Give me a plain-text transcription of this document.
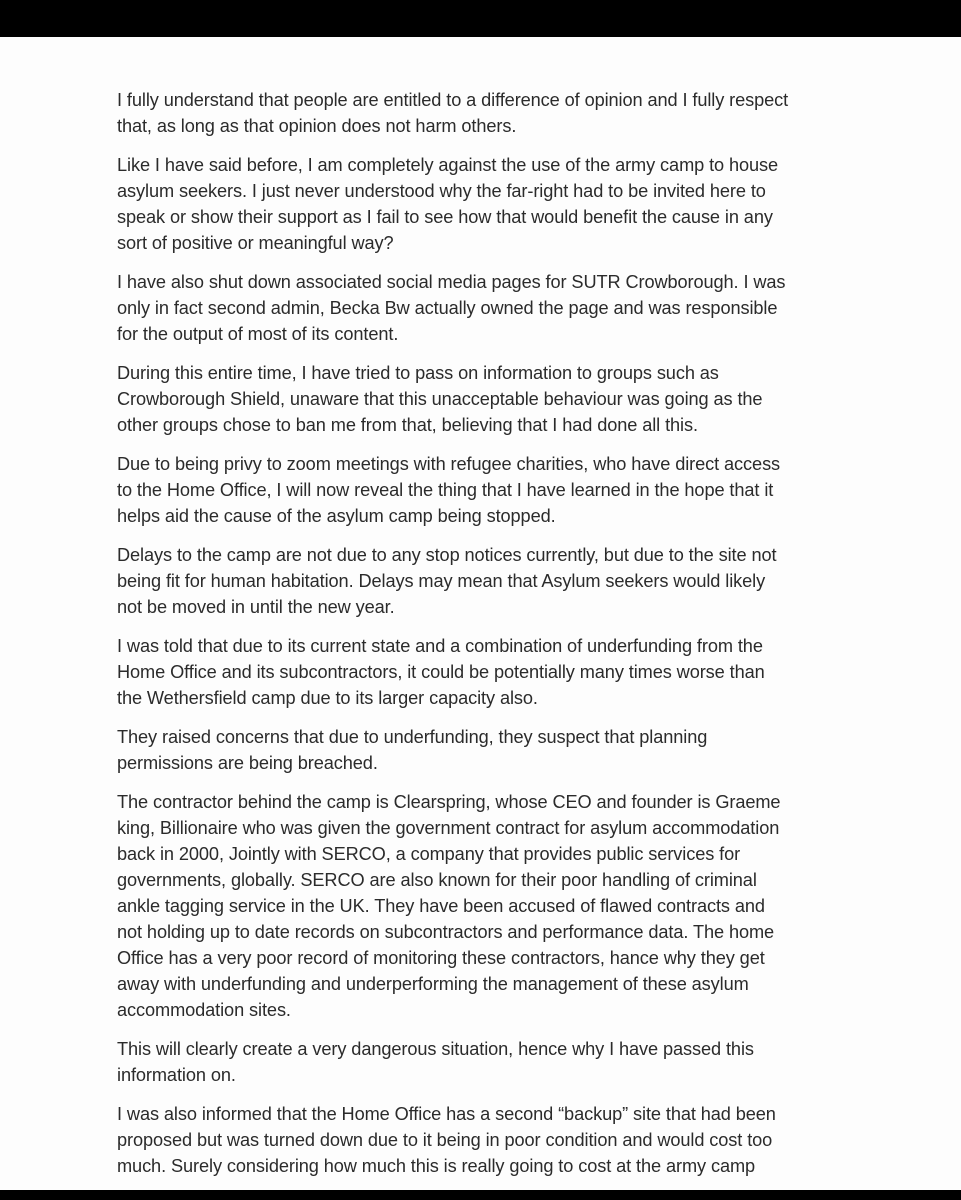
I fully understand that people are entitled to a difference of opinion and I fully respect
that, as long as that opinion does not harm others.

Like I have said before, I am completely against the use of the army camp to house
asylum seekers. I just never understood why the far-right had to be invited here to
speak or show their support as I fail to see how that would benefit the cause in any
sort of positive or meaningful way?

I have also shut down associated social media pages for SUTR Crowborough. I was
only in fact second admin, Becka Bw actually owned the page and was responsible
for the output of most of its content.

During this entire time, I have tried to pass on information to groups such as
Crowborough Shield, unaware that this unacceptable behaviour was going as the
other groups chose to ban me from that, believing that I had done all this.

Due to being privy to zoom meetings with refugee charities, who have direct access
to the Home Office, I will now reveal the thing that I have learned in the hope that it
helps aid the cause of the asylum camp being stopped.

Delays to the camp are not due to any stop notices currently, but due to the site not
being fit for human habitation. Delays may mean that Asylum seekers would likely
not be moved in until the new year.

I was told that due to its current state and a combination of underfunding from the
Home Office and its subcontractors, it could be potentially many times worse than
the Wethersfield camp due to its larger capacity also.

They raised concerns that due to underfunding, they suspect that planning
permissions are being breached.

The contractor behind the camp is Clearspring, whose CEO and founder is Graeme
king, Billionaire who was given the government contract for asylum accommodation
back in 2000, Jointly with SERCO, a company that provides public services for
governments, globally. SERCO are also known for their poor handling of criminal
ankle tagging service in the UK. They have been accused of flawed contracts and
not holding up to date records on subcontractors and performance data. The home
Office has a very poor record of monitoring these contractors, hance why they get
away with underfunding and underperforming the management of these asylum
accommodation sites.

This will clearly create a very dangerous situation, hence why I have passed this
information on.

I was also informed that the Home Office has a second “backup” site that had been
proposed but was turned down due to it being in poor condition and would cost too
much. Surely considering how much this is really going to cost at the army camp
